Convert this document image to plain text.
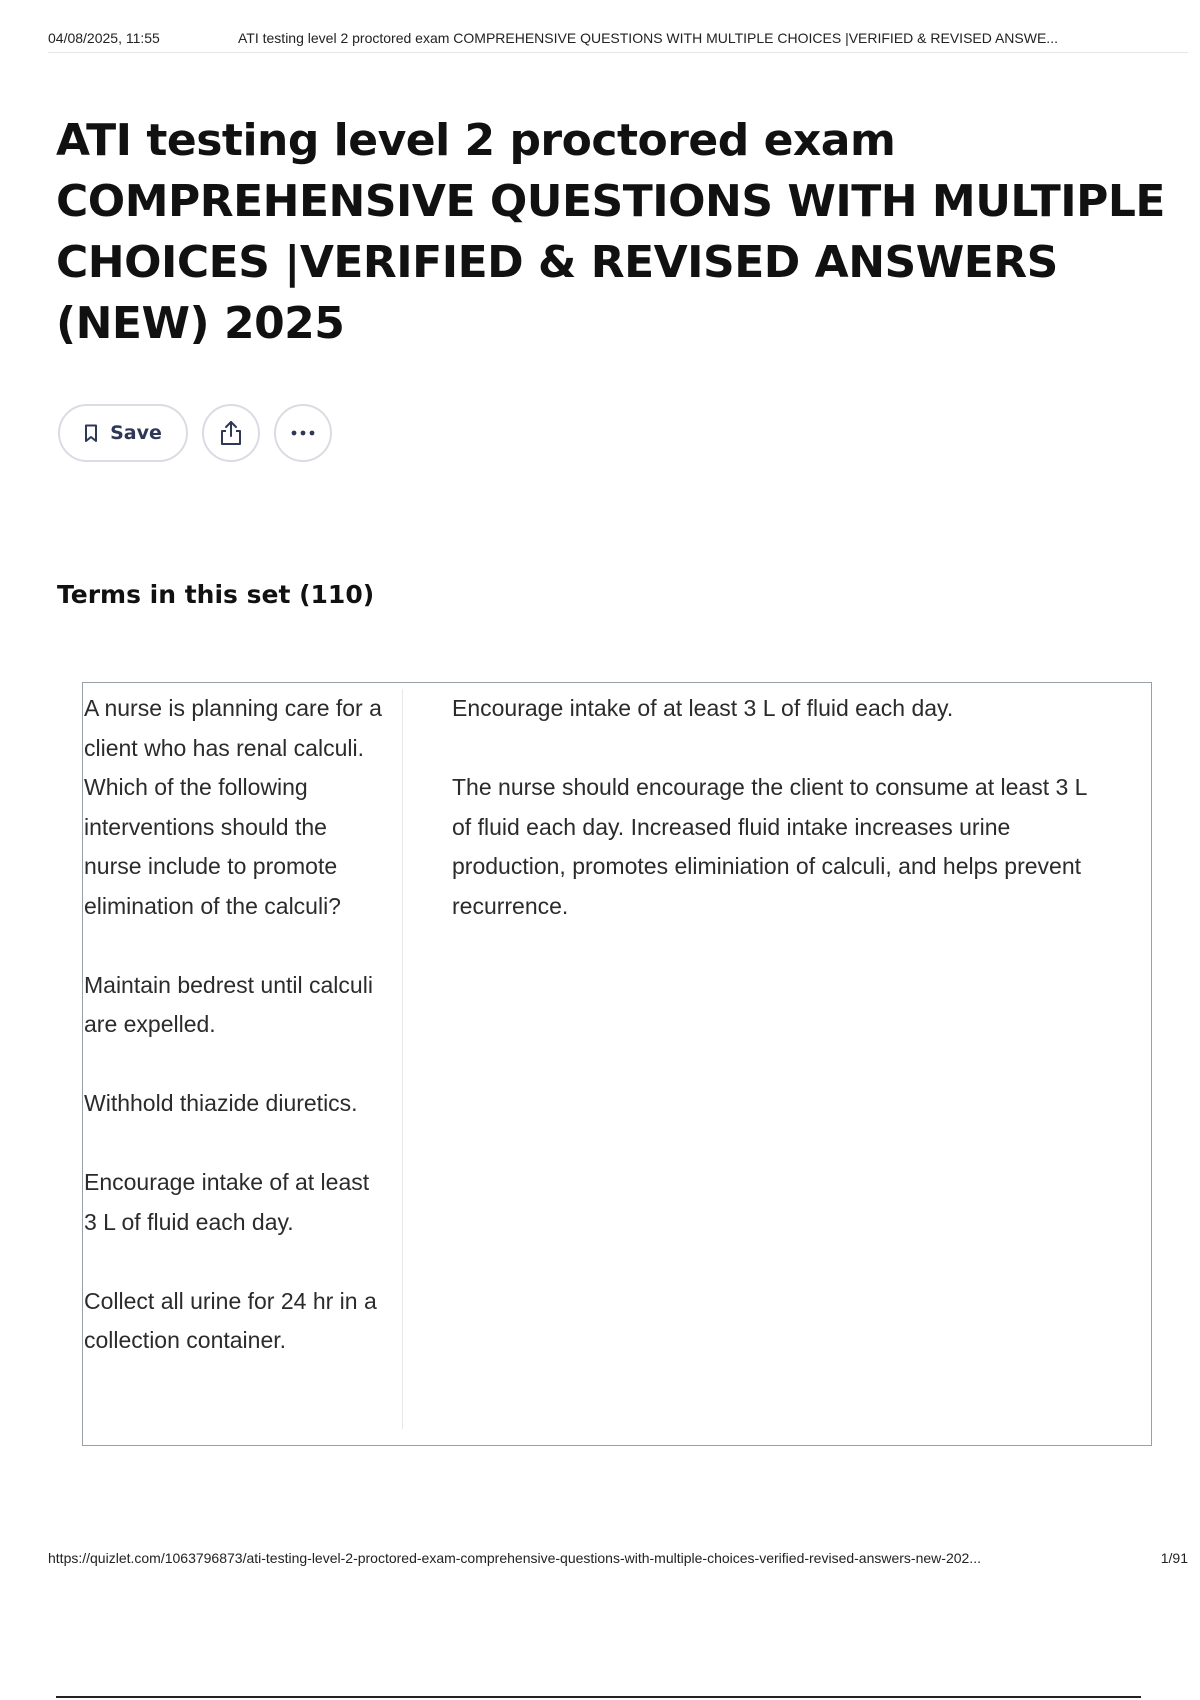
04/08/2025, 11:55	ATI testing level 2 proctored exam COMPREHENSIVE QUESTIONS WITH MULTIPLE CHOICES |VERIFIED & REVISED ANSWE...
ATI testing level 2 proctored exam COMPREHENSIVE QUESTIONS WITH MULTIPLE CHOICES |VERIFIED & REVISED ANSWERS (NEW) 2025
Save
Terms in this set (110)

A nurse is planning care for a client who has renal calculi. Which of the following interventions should the nurse include to promote elimination of the calculi?

Maintain bedrest until calculi are expelled.

Withhold thiazide diuretics.

Encourage intake of at least 3 L of fluid each day.

Collect all urine for 24 hr in a collection container.

Encourage intake of at least 3 L of fluid each day.

The nurse should encourage the client to consume at least 3 L of fluid each day. Increased fluid intake increases urine production, promotes eliminiation of calculi, and helps prevent recurrence.

https://quizlet.com/1063796873/ati-testing-level-2-proctored-exam-comprehensive-questions-with-multiple-choices-verified-revised-answers-new-202...	1/91
